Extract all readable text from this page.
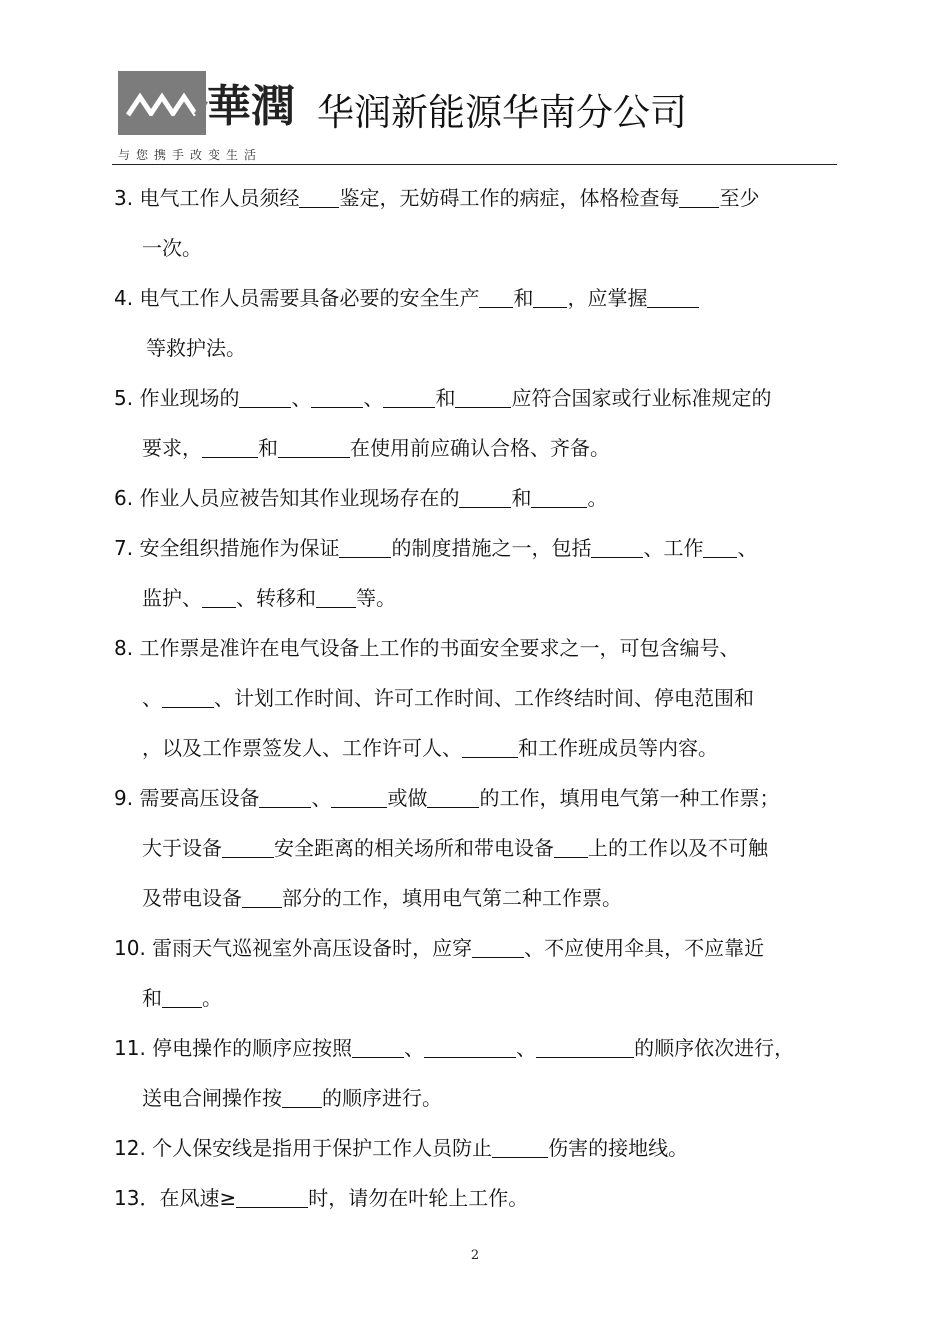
華潤
与您携手改变生活
华润新能源华南分公司
3. 电气工作人员须经 鉴定，无妨碍工作的病症，体格检查每 至少
一次。
4. 电气工作人员需要具备必要的安全生产 和 ，应掌握
等救护法。
5. 作业现场的	、	、	和	应符合国家或行业标准规定的
要求，	和	在使用前应确认合格、齐备。
6. 作业人员应被告知其作业现场存在的	和	。
7. 安全组织措施作为保证	的制度措施之一，包括	、工作 、
监护、 、转移和 等。
8. 工作票是准许在电气设备上工作的书面安全要求之一，可包含编号、
、	、计划工作时间、许可工作时间、工作终结时间、停电范围和
，以及工作票签发人、工作许可人、	和工作班成员等内容。
9. 需要高压设备	、	或做	的工作，填用电气第一种工作票；
大于设备	安全距离的相关场所和带电设备 上的工作以及不可触
及带电设备 部分的工作，填用电气第二种工作票。
10. 雷雨天气巡视室外高压设备时，应穿	、不应使用伞具，不应靠近
和 。
11. 停电操作的顺序应按照	、	、	的顺序依次进行，
送电合闸操作按 的顺序进行。
12. 个人保安线是指用于保护工作人员防止	伤害的接地线。
13．在风速≥	时，请勿在叶轮上工作。
2
